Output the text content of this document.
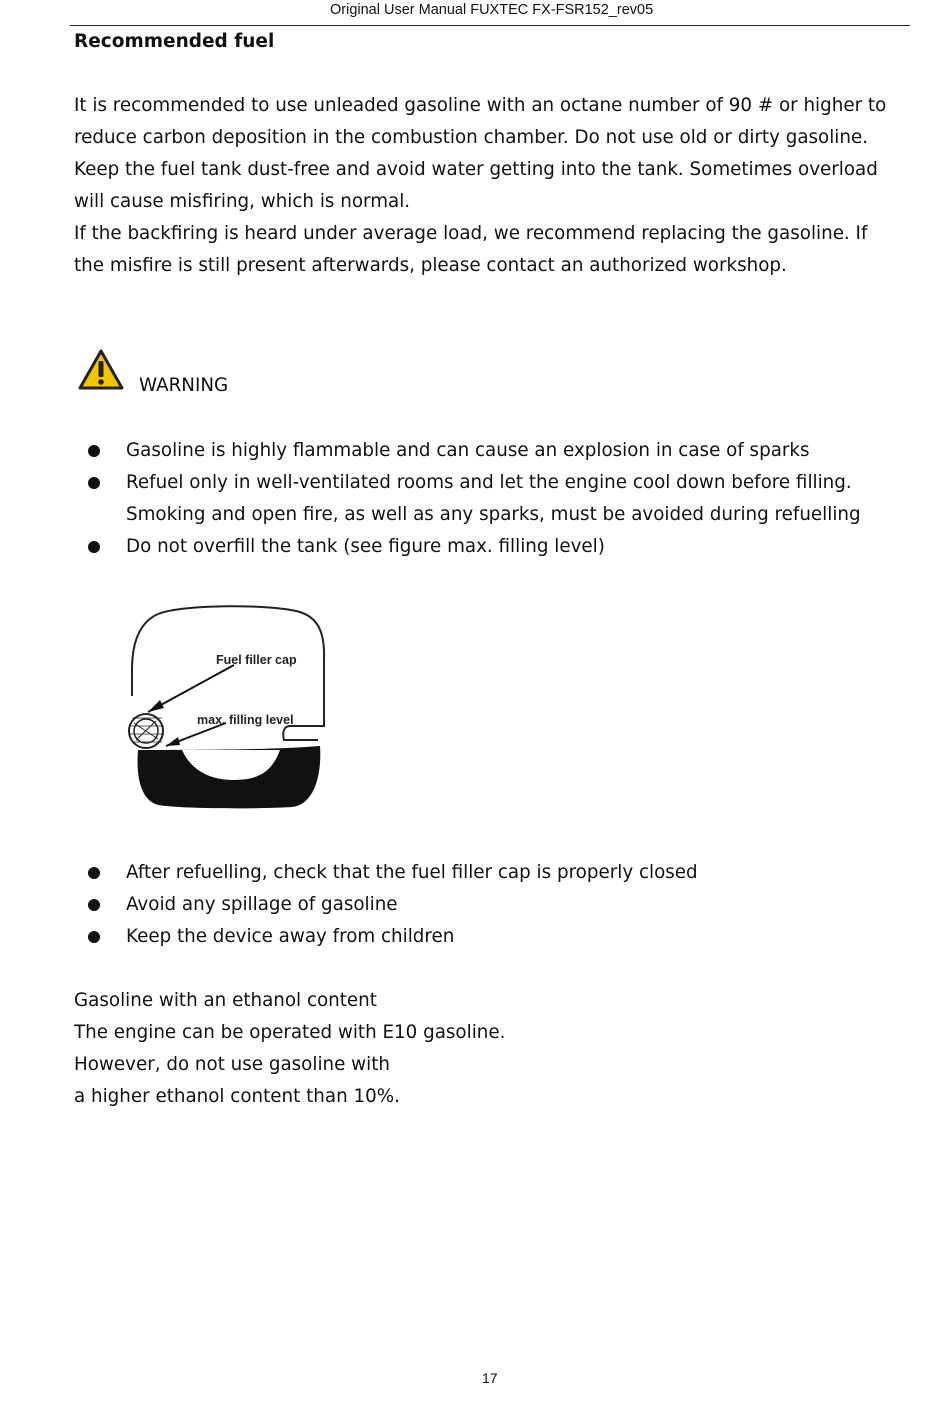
Original User Manual FUXTEC FX-FSR152_rev05
Recommended fuel

It is recommended to use unleaded gasoline with an octane number of 90 # or higher to

reduce carbon deposition in the combustion chamber. Do not use old or dirty gasoline.

Keep the fuel tank dust-free and avoid water getting into the tank. Sometimes overload

will cause misfiring, which is normal.

If the backfiring is heard under average load, we recommend replacing the gasoline. If

the misfire is still present afterwards, please contact an authorized workshop.

WARNING
Gasoline is highly flammable and can cause an explosion in case of sparks
Refuel only in well-ventilated rooms and let the engine cool down before filling.
Smoking and open fire, as well as any sparks, must be avoided during refuelling
Do not overfill the tank (see figure max. filling level)
Fuel filler cap
max. filling level
After refuelling, check that the fuel filler cap is properly closed
Avoid any spillage of gasoline
Keep the device away from children

Gasoline with an ethanol content

The engine can be operated with E10 gasoline.

However, do not use gasoline with

a higher ethanol content than 10%.

17
